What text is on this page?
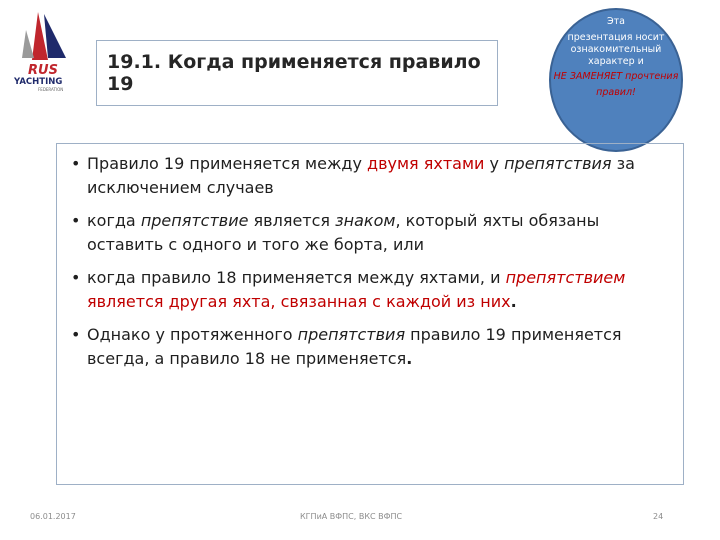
RUS
YACHTING
FEDERATION
19.1. Когда применяется правило 19
Эта
презентация носит ознакомительный характер и
НЕ ЗАМЕНЯЕТ прочтения
правил!
• Правило 19 применяется между двумя яхтами у препятствия за исключением случаев
• когда препятствие является знаком, который яхты обязаны оставить с одного и того же борта, или
• когда правило 18 применяется между яхтами, и препятствием является другая яхта, связанная с каждой из них.
• Однако у протяженного препятствия правило 19 применяется всегда, а правило 18 не применяется.
06.01.2017	КГПиА ВФПС, ВКС ВФПС	24
